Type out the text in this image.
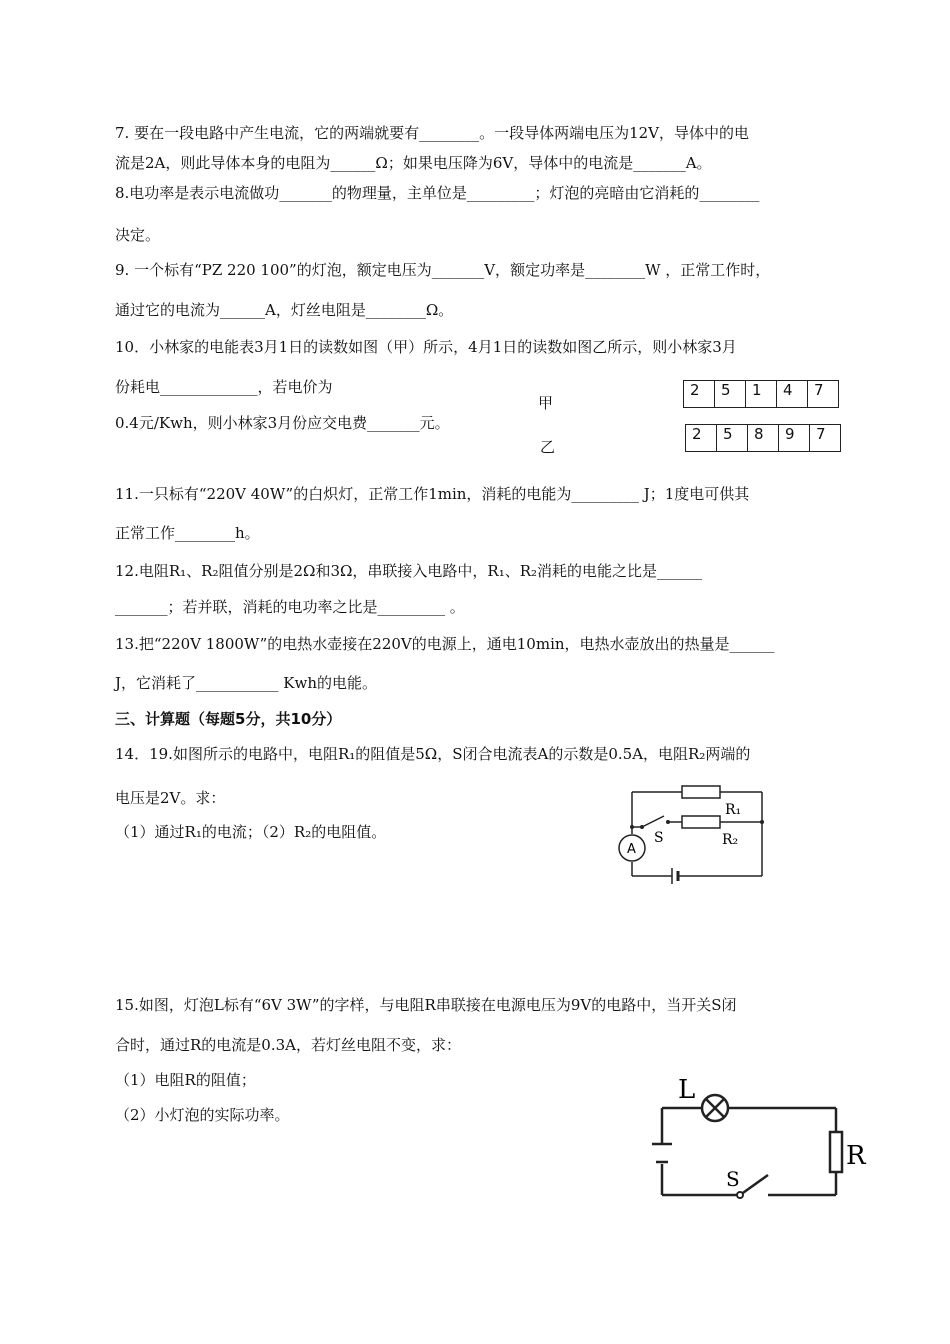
7. 要在一段电路中产生电流，它的两端就要有________。一段导体两端电压为12V，导体中的电
流是2A，则此导体本身的电阻为______Ω；如果电压降为6V，导体中的电流是_______A。
8.电功率是表示电流做功_______的物理量，主单位是_________；灯泡的亮暗由它消耗的________
决定。
9. 一个标有“PZ 220 100”的灯泡，额定电压为_______V，额定功率是________W ，正常工作时，
通过它的电流为______A，灯丝电阻是________Ω。
10．小林家的电能表3月1日的读数如图（甲）所示，4月1日的读数如图乙所示，则小林家3月
份耗电_____________，若电价为
0.4元/Kwh，则小林家3月份应交电费_______元。
甲
乙
2	5	1	4	7
2	5	8	9	7
11.一只标有“220V 40W”的白炽灯，正常工作1min，消耗的电能为_________ J；1度电可供其
正常工作________h。
12.电阻R₁、R₂阻值分别是2Ω和3Ω，串联接入电路中，R₁、R₂消耗的电能之比是______
_______；若并联，消耗的电功率之比是_________ 。
13.把“220V 1800W”的电热水壶接在220V的电源上，通电10min，电热水壶放出的热量是______
J，它消耗了___________ Kwh的电能。
三、计算题（每题5分，共10分）
14．19.如图所示的电路中，电阻R₁的阻值是5Ω，S闭合电流表A的示数是0.5A，电阻R₂两端的
电压是2V。求：
（1）通过R₁的电流；（2）R₂的电阻值。
R₁
R₂
S
A
15.如图，灯泡L标有“6V 3W”的字样，与电阻R串联接在电源电压为9V的电路中，当开关S闭
合时，通过R的电流是0.3A，若灯丝电阻不变，求：
（1）电阻R的阻值；
（2）小灯泡的实际功率。
L
R
S
